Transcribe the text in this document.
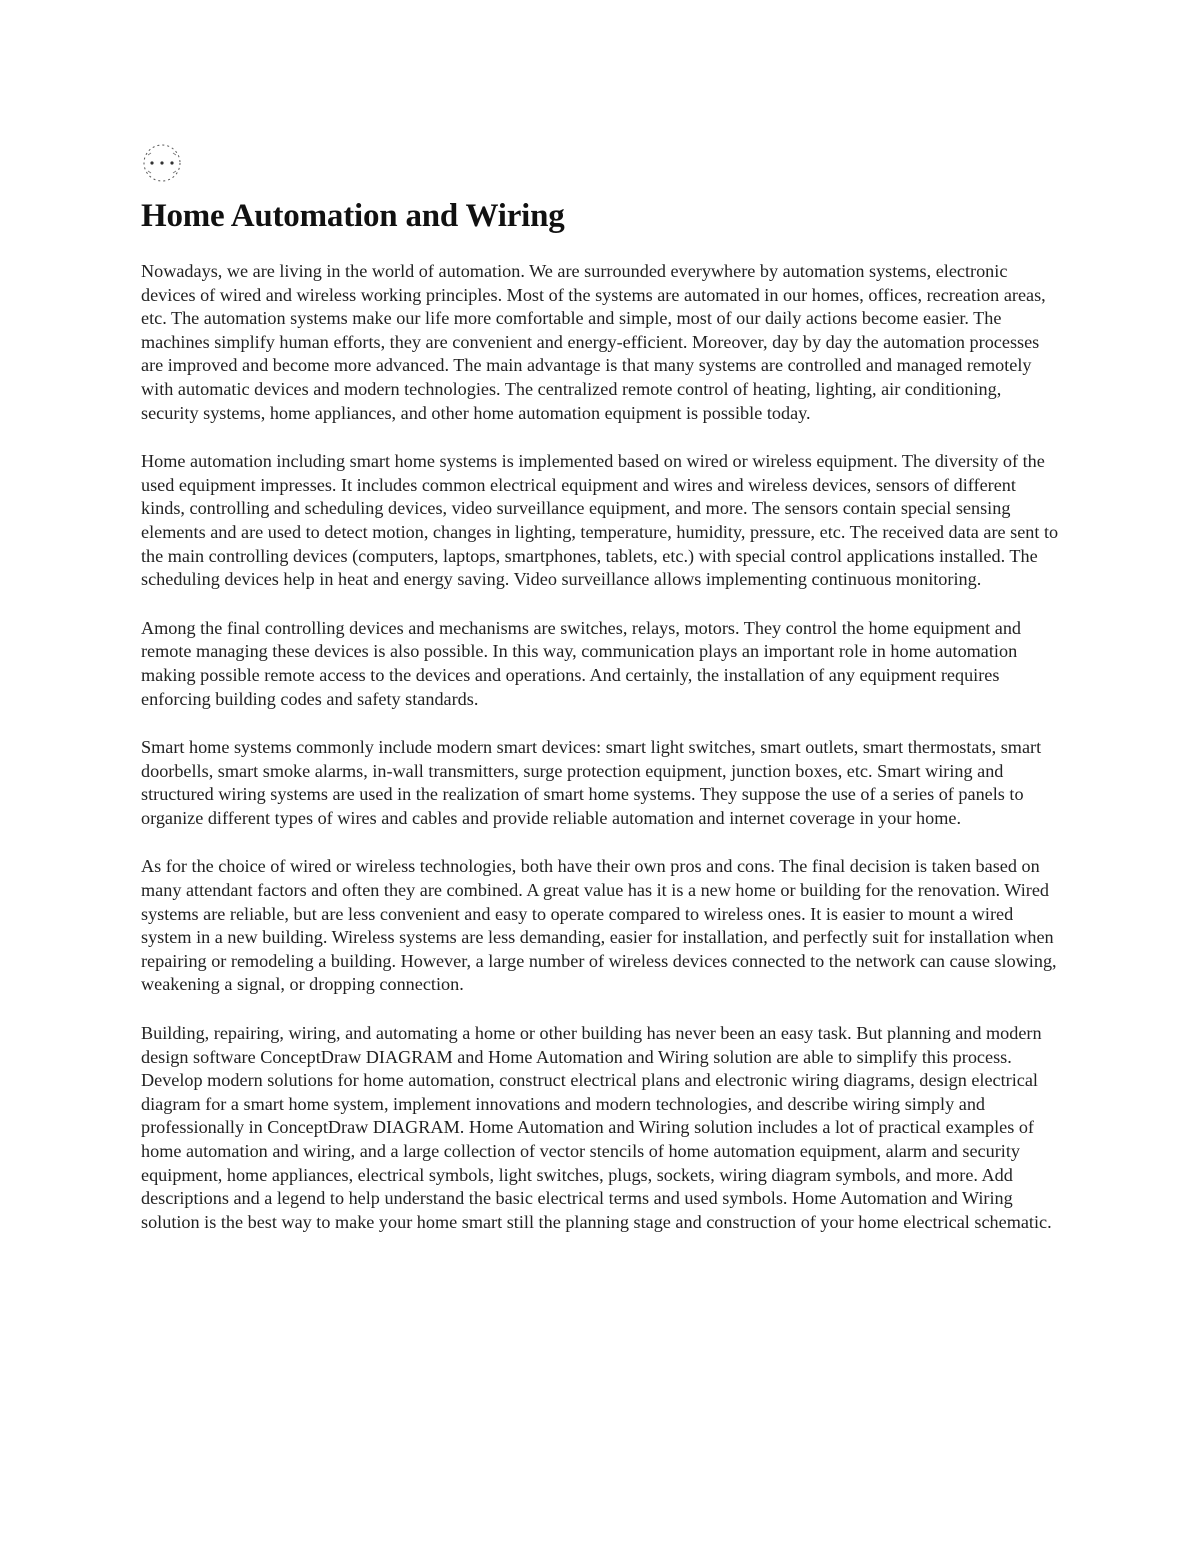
Home Automation and Wiring

Nowadays, we are living in the world of automation. We are surrounded everywhere by automation systems, electronic devices of wired and wireless working principles. Most of the systems are automated in our homes, offices, recreation areas, etc. The automation systems make our life more comfortable and simple, most of our daily actions become easier. The machines simplify human efforts, they are convenient and energy-efficient. Moreover, day by day the automation processes are improved and become more advanced. The main advantage is that many systems are controlled and managed remotely with automatic devices and modern technologies. The centralized remote control of heating, lighting, air conditioning, security systems, home appliances, and other home automation equipment is possible today.

Home automation including smart home systems is implemented based on wired or wireless equipment. The diversity of the used equipment impresses. It includes common electrical equipment and wires and wireless devices, sensors of different kinds, controlling and scheduling devices, video surveillance equipment, and more. The sensors contain special sensing elements and are used to detect motion, changes in lighting, temperature, humidity, pressure, etc. The received data are sent to the main controlling devices (computers, laptops, smartphones, tablets, etc.) with special control applications installed. The scheduling devices help in heat and energy saving. Video surveillance allows implementing continuous monitoring.

Among the final controlling devices and mechanisms are switches, relays, motors. They control the home equipment and remote managing these devices is also possible. In this way, communication plays an important role in home automation making possible remote access to the devices and operations. And certainly, the installation of any equipment requires enforcing building codes and safety standards.

Smart home systems commonly include modern smart devices: smart light switches, smart outlets, smart thermostats, smart doorbells, smart smoke alarms, in-wall transmitters, surge protection equipment, junction boxes, etc. Smart wiring and structured wiring systems are used in the realization of smart home systems. They suppose the use of a series of panels to organize different types of wires and cables and provide reliable automation and internet coverage in your home.

As for the choice of wired or wireless technologies, both have their own pros and cons. The final decision is taken based on many attendant factors and often they are combined. A great value has it is a new home or building for the renovation. Wired systems are reliable, but are less convenient and easy to operate compared to wireless ones. It is easier to mount a wired system in a new building. Wireless systems are less demanding, easier for installation, and perfectly suit for installation when repairing or remodeling a building. However, a large number of wireless devices connected to the network can cause slowing, weakening a signal, or dropping connection.

Building, repairing, wiring, and automating a home or other building has never been an easy task. But planning and modern design software ConceptDraw DIAGRAM and Home Automation and Wiring solution are able to simplify this process. Develop modern solutions for home automation, construct electrical plans and electronic wiring diagrams, design electrical diagram for a smart home system, implement innovations and modern technologies, and describe wiring simply and professionally in ConceptDraw DIAGRAM. Home Automation and Wiring solution includes a lot of practical examples of home automation and wiring, and a large collection of vector stencils of home automation equipment, alarm and security equipment, home appliances, electrical symbols, light switches, plugs, sockets, wiring diagram symbols, and more. Add descriptions and a legend to help understand the basic electrical terms and used symbols. Home Automation and Wiring solution is the best way to make your home smart still the planning stage and construction of your home electrical schematic.
